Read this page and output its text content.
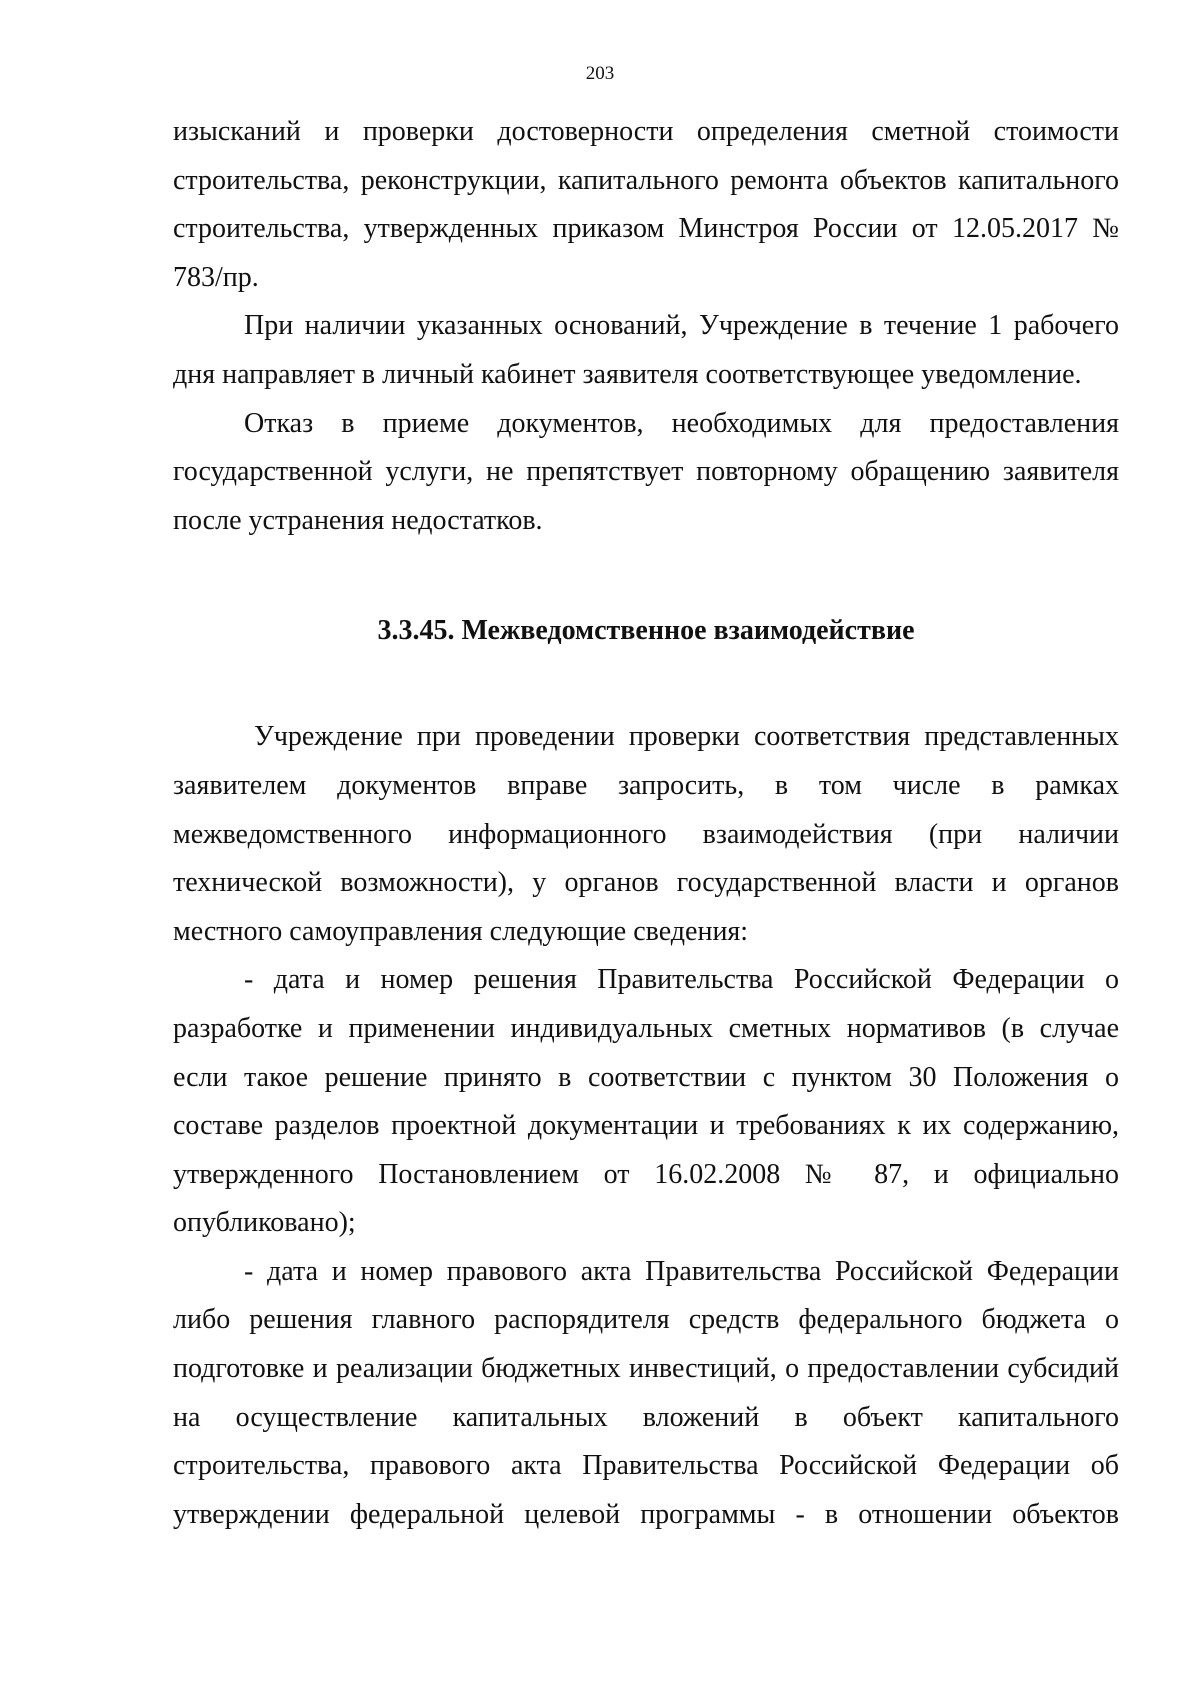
203

изысканий и проверки достоверности определения сметной стоимости строительства, реконструкции, капитального ремонта объектов капитального строительства, утвержденных приказом Минстроя России от 12.05.2017 № 783/пр.

При наличии указанных оснований, Учреждение в течение 1 рабочего дня направляет в личный кабинет заявителя соответствующее уведомление.

Отказ в приеме документов, необходимых для предоставления государственной услуги, не препятствует повторному обращению заявителя после устранения недостатков.

3.3.45. Межведомственное взаимодействие

Учреждение при проведении проверки соответствия представленных заявителем документов вправе запросить, в том числе в рамках межведомственного информационного взаимодействия (при наличии технической возможности), у органов государственной власти и органов местного самоуправления следующие сведения:

- дата и номер решения Правительства Российской Федерации о разработке и применении индивидуальных сметных нормативов (в случае если такое решение принято в соответствии с пунктом 30 Положения о составе разделов проектной документации и требованиях к их содержанию, утвержденного Постановлением от 16.02.2008 № 87, и официально опубликовано);

- дата и номер правового акта Правительства Российской Федерации либо решения главного распорядителя средств федерального бюджета о подготовке и реализации бюджетных инвестиций, о предоставлении субсидий на осуществление капитальных вложений в объект капитального строительства, правового акта Правительства Российской Федерации об утверждении федеральной целевой программы - в отношении объектов
